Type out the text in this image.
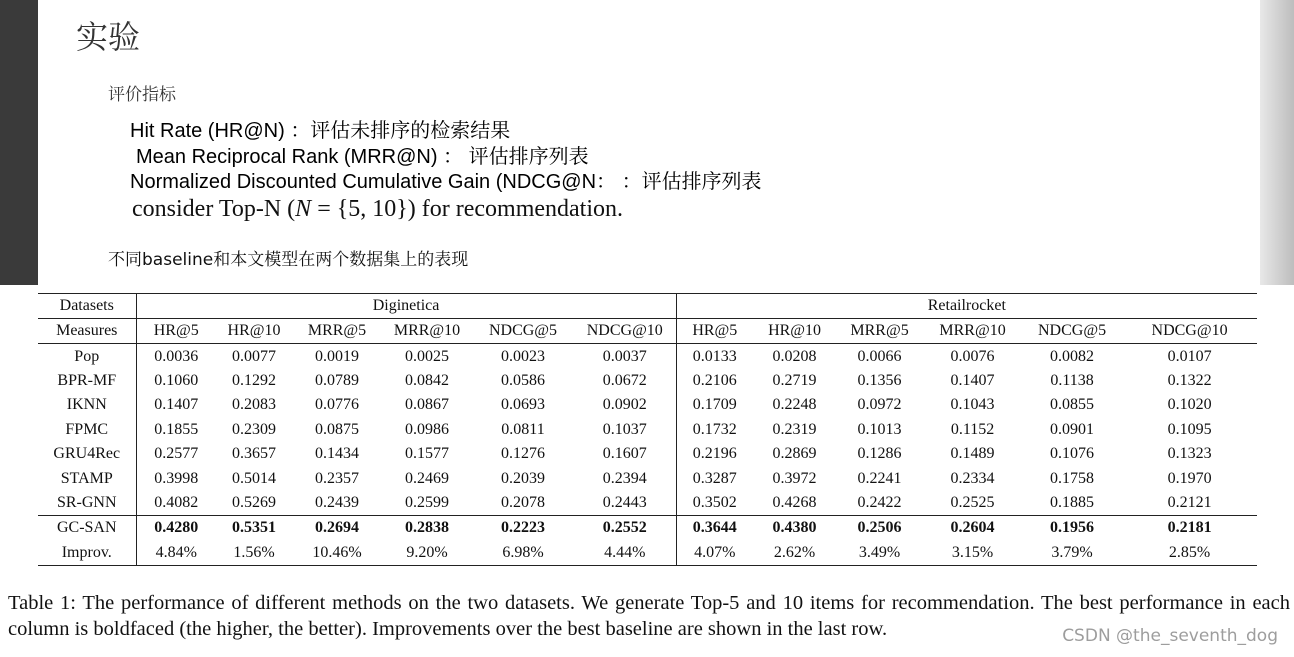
实验
评价指标
Hit Rate (HR@N) ：评估未排序的检索结果
Mean Reciprocal Rank (MRR@N) ： 评估排序列表
Normalized Discounted Cumulative Gain (NDCG@N： ：评估排序列表
consider Top-N (N = {5, 10}) for recommendation.
不同baseline和本文模型在两个数据集上的表现
Datasets	Diginetica						Retailrocket					
Measures	HR@5	HR@10	MRR@5	MRR@10	NDCG@5	NDCG@10	HR@5	HR@10	MRR@5	MRR@10	NDCG@5	NDCG@10
Pop	0.0036	0.0077	0.0019	0.0025	0.0023	0.0037	0.0133	0.0208	0.0066	0.0076	0.0082	0.0107
BPR-MF	0.1060	0.1292	0.0789	0.0842	0.0586	0.0672	0.2106	0.2719	0.1356	0.1407	0.1138	0.1322
IKNN	0.1407	0.2083	0.0776	0.0867	0.0693	0.0902	0.1709	0.2248	0.0972	0.1043	0.0855	0.1020
FPMC	0.1855	0.2309	0.0875	0.0986	0.0811	0.1037	0.1732	0.2319	0.1013	0.1152	0.0901	0.1095
GRU4Rec	0.2577	0.3657	0.1434	0.1577	0.1276	0.1607	0.2196	0.2869	0.1286	0.1489	0.1076	0.1323
STAMP	0.3998	0.5014	0.2357	0.2469	0.2039	0.2394	0.3287	0.3972	0.2241	0.2334	0.1758	0.1970
SR-GNN	0.4082	0.5269	0.2439	0.2599	0.2078	0.2443	0.3502	0.4268	0.2422	0.2525	0.1885	0.2121
GC-SAN	0.4280	0.5351	0.2694	0.2838	0.2223	0.2552	0.3644	0.4380	0.2506	0.2604	0.1956	0.2181
Improv.	4.84%	1.56%	10.46%	9.20%	6.98%	4.44%	4.07%	2.62%	3.49%	3.15%	3.79%	2.85%
Table 1: The performance of different methods on the two datasets. We generate Top-5 and 10 items for recommendation. The best performance in each column is boldfaced (the higher, the better). Improvements over the best baseline are shown in the last row.	CSDN @the_seventh_dog
